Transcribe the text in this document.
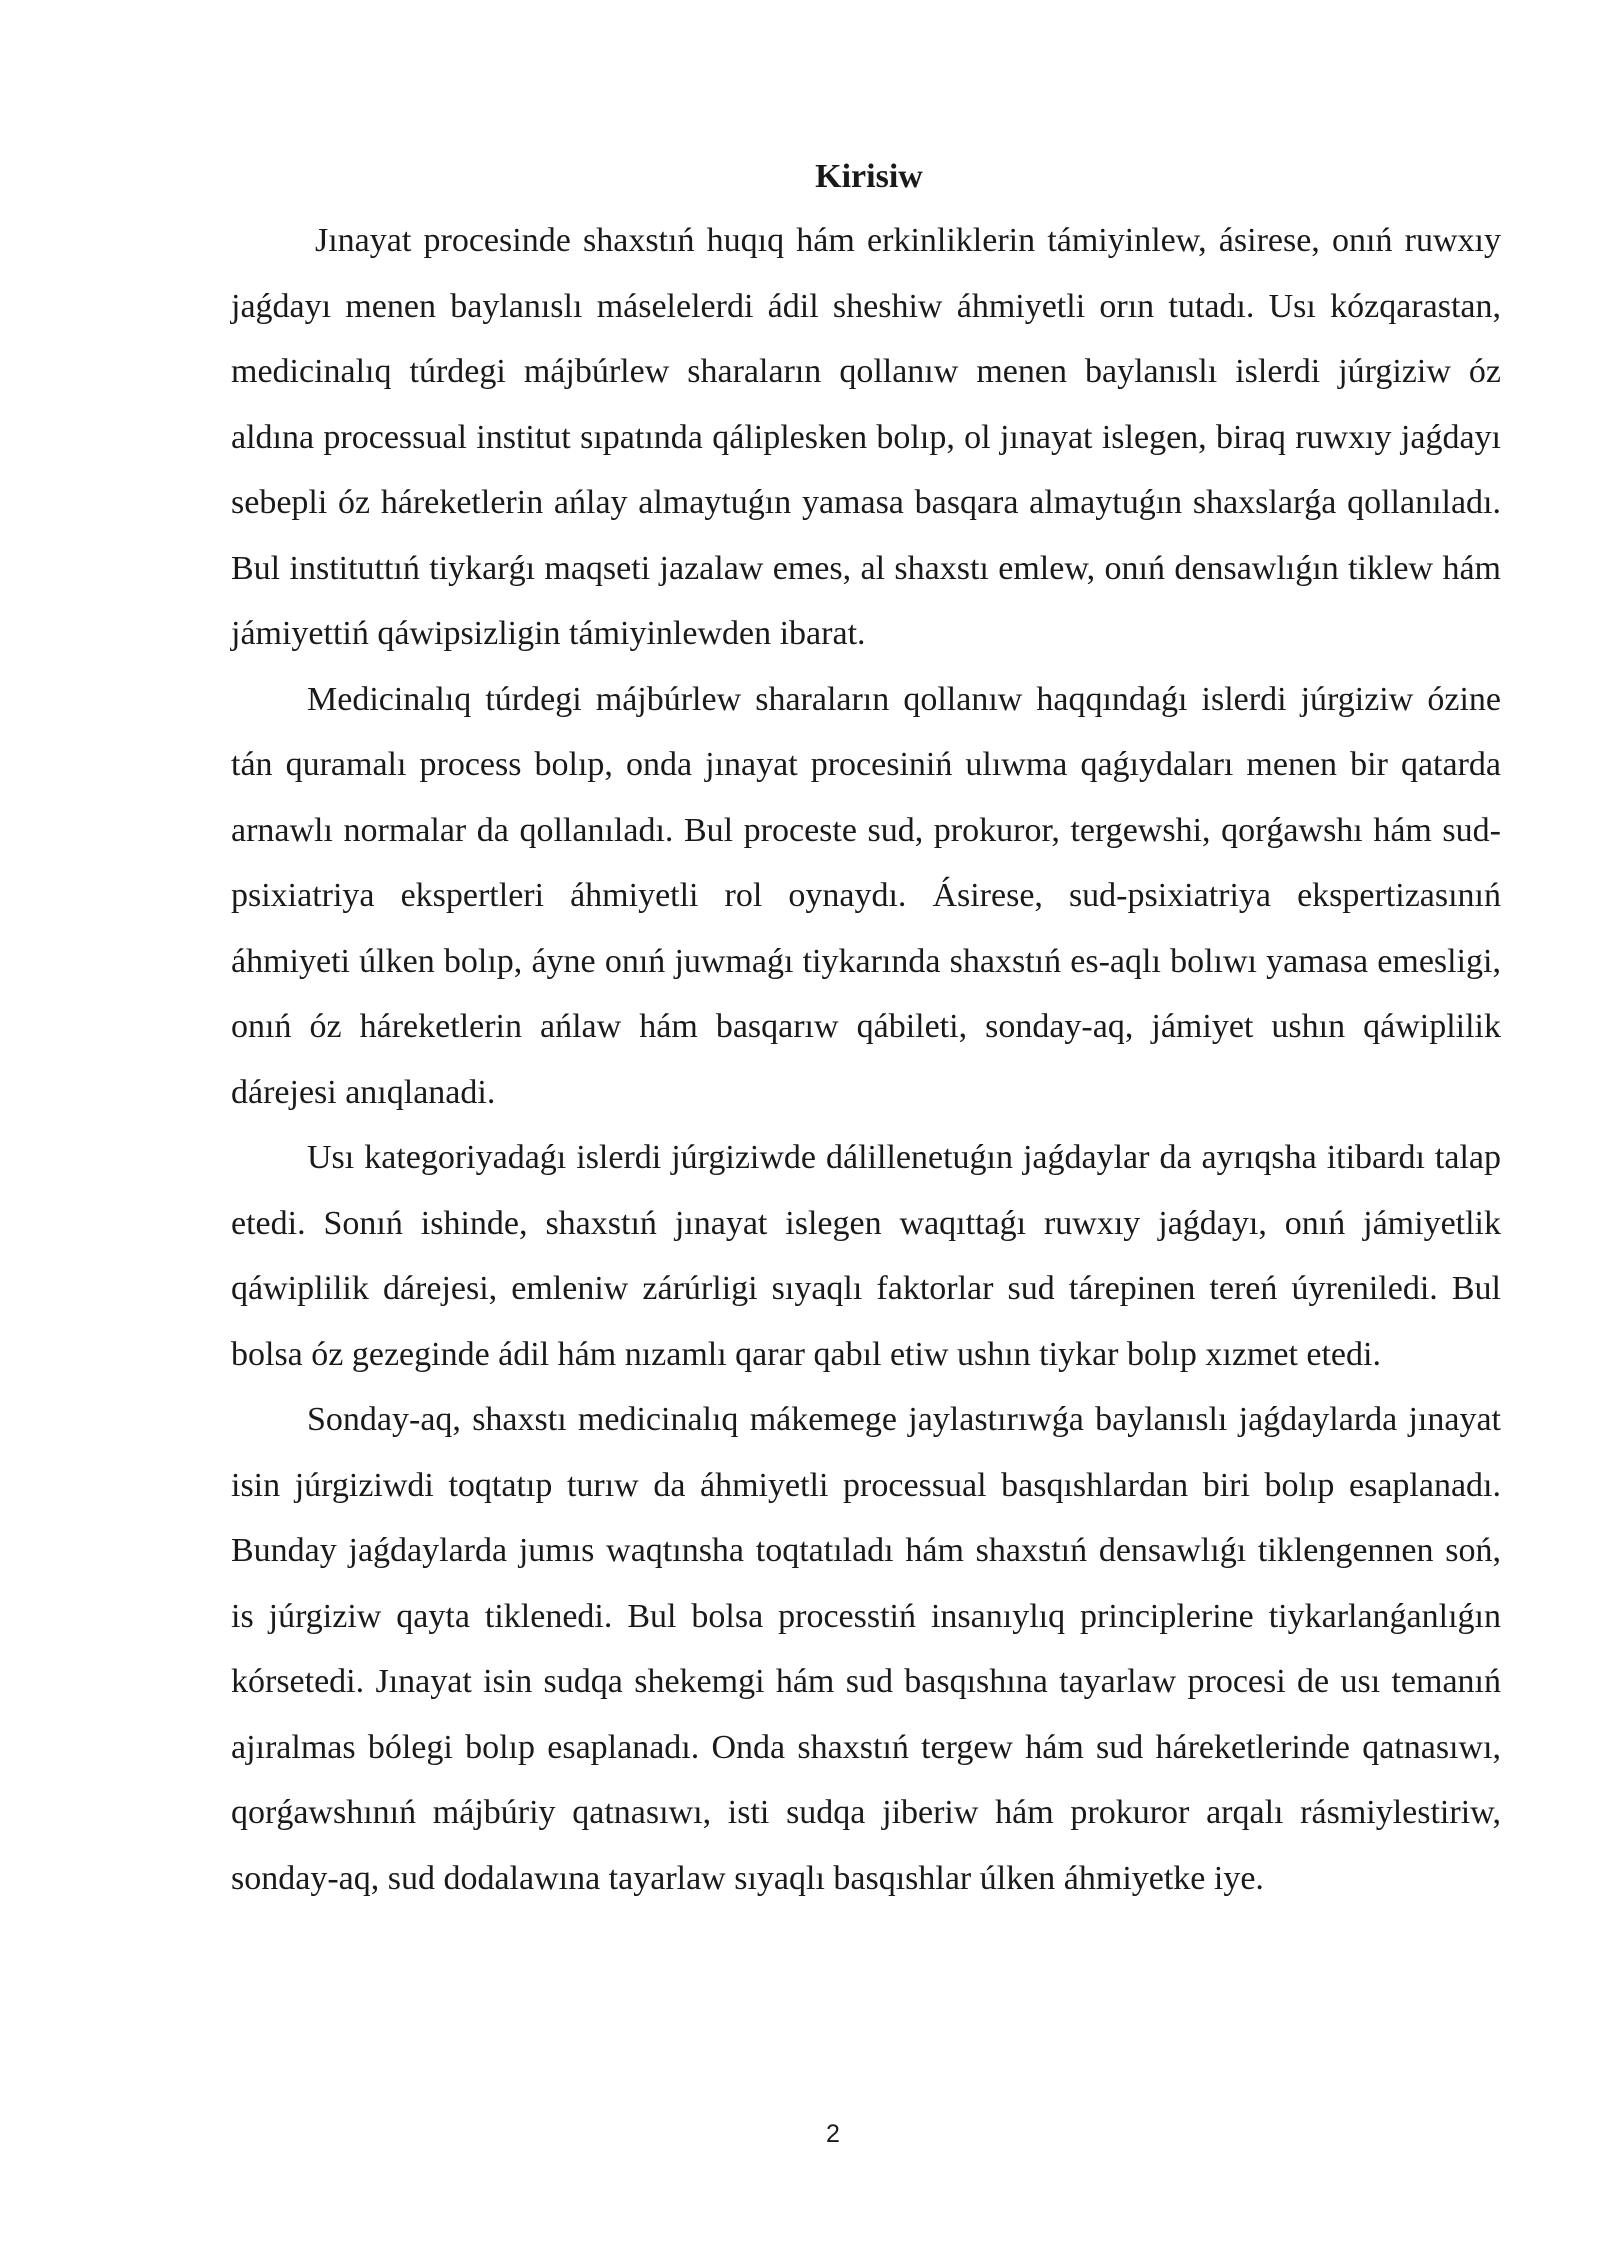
Kirisiw

Jınayat procesinde shaxstıń huqıq hám erkinliklerin támiyinlew, ásirese, onıń ruwxıy jaǵdayı menen baylanıslı máselelerdi ádil sheshiw áhmiyetli orın tutadı. Usı kózqarastan, medicinalıq túrdegi májbúrlew sharaların qollanıw menen baylanıslı islerdi júrgiziw óz aldına processual institut sıpatında qáliplesken bolıp, ol jınayat islegen, biraq ruwxıy jaǵdayı sebepli óz háreketlerin ańlay almaytuǵın yamasa basqara almaytuǵın shaxslarǵa qollanıladı. Bul instituttıń tiykarǵı maqseti jazalaw emes, al shaxstı emlew, onıń densawlıǵın tiklew hám jámiyettiń qáwipsizligin támiyinlewden ibarat.

Medicinalıq túrdegi májbúrlew sharaların qollanıw haqqındaǵı islerdi júrgiziw ózine tán quramalı process bolıp, onda jınayat procesiniń ulıwma qaǵıydaları menen bir qatarda arnawlı normalar da qollanıladı. Bul proceste sud, prokuror, tergewshi, qorǵawshı hám sud-psixiatriya ekspertleri áhmiyetli rol oynaydı. Ásirese, sud-psixiatriya ekspertizasınıń áhmiyeti úlken bolıp, áyne onıń juwmaǵı tiykarında shaxstıń es-aqlı bolıwı yamasa emesligi, onıń óz háreketlerin ańlaw hám basqarıw qábileti, sonday-aq, jámiyet ushın qáwiplilik dárejesi anıqlanadi.

Usı kategoriyadaǵı islerdi júrgiziwde dálillenetuǵın jaǵdaylar da ayrıqsha itibardı talap etedi. Sonıń ishinde, shaxstıń jınayat islegen waqıttaǵı ruwxıy jaǵdayı, onıń jámiyetlik qáwiplilik dárejesi, emleniw zárúrligi sıyaqlı faktorlar sud tárepinen tereń úyreniledi. Bul bolsa óz gezeginde ádil hám nızamlı qarar qabıl etiw ushın tiykar bolıp xızmet etedi.

Sonday-aq, shaxstı medicinalıq mákemege jaylastırıwǵa baylanıslı jaǵdaylarda jınayat isin júrgiziwdi toqtatıp turıw da áhmiyetli processual basqıshlardan biri bolıp esaplanadı. Bunday jaǵdaylarda jumıs waqtınsha toqtatıladı hám shaxstıń densawlıǵı tiklengennen soń, is júrgiziw qayta tiklenedi. Bul bolsa processtiń insanıylıq principlerine tiykarlanǵanlıǵın kórsetedi. Jınayat isin sudqa shekemgi hám sud basqıshına tayarlaw procesi de usı temanıń ajıralmas bólegi bolıp esaplanadı. Onda shaxstıń tergew hám sud háreketlerinde qatnasıwı, qorǵawshınıń májbúriy qatnasıwı, isti sudqa jiberiw hám prokuror arqalı rásmiylestiriw, sonday-aq, sud dodalawına tayarlaw sıyaqlı basqıshlar úlken áhmiyetke iye.

2
